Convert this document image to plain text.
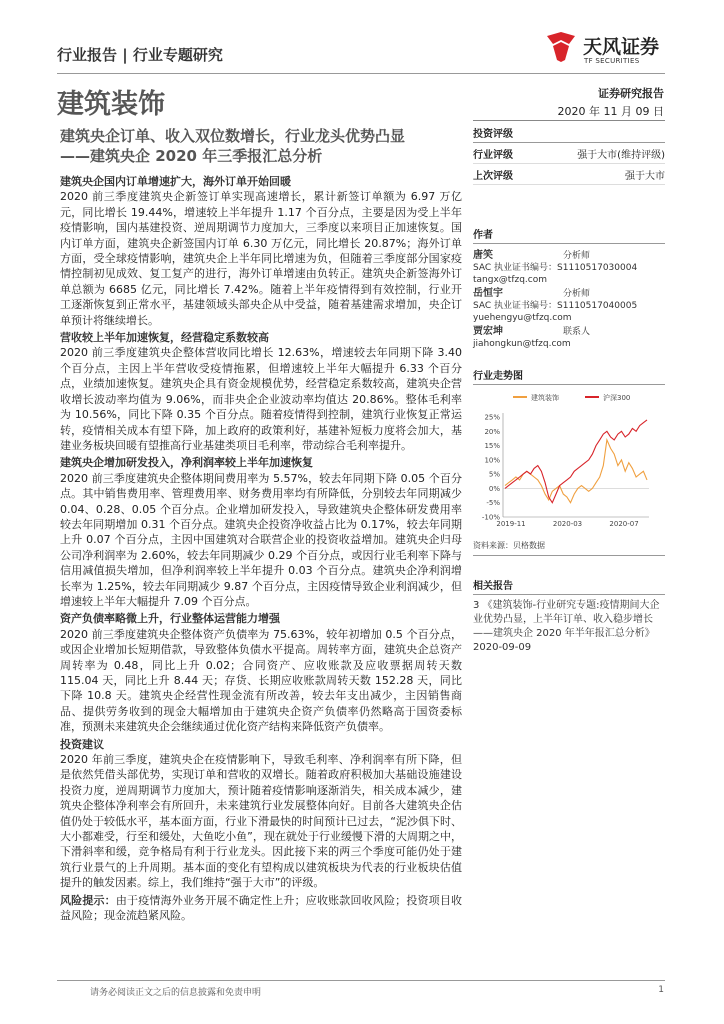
行业报告 | 行业专题研究	天风证券
TF SECURITIES
建筑装饰	证券研究报告
2020 年 11 月 09 日
建筑央企订单、收入双位数增长，行业龙头优势凸显
——建筑央企 2020 年三季报汇总分析
建筑央企国内订单增速扩大，海外订单开始回暖

2020 前三季度建筑央企新签订单实现高速增长，累计新签订单额为 6.97 万亿元，同比增长 19.44%，增速较上半年提升 1.17 个百分点，主要是因为受上半年疫情影响，国内基建投资、逆周期调节力度加大，三季度以来项目正加速恢复。国内订单方面，建筑央企新签国内订单 6.30 万亿元，同比增长 20.87%；海外订单方面，受全球疫情影响，建筑央企上半年同比增速为负，但随着三季度部分国家疫情控制初见成效、复工复产的进行，海外订单增速由负转正。建筑央企新签海外订单总额为 6685 亿元，同比增长 7.42%。随着上半年疫情得到有效控制，行业开工逐渐恢复到正常水平，基建领域头部央企从中受益，随着基建需求增加，央企订单预计将继续增长。

营收较上半年加速恢复，经营稳定系数较高

2020 前三季度建筑央企整体营收同比增长 12.63%，增速较去年同期下降 3.40 个百分点，主因上半年营收受疫情拖累，但增速较上半年大幅提升 6.33 个百分点，业绩加速恢复。建筑央企具有资金规模优势，经营稳定系数较高，建筑央企营收增长波动率均值为 9.06%，而非央企企业波动率均值达 20.86%。整体毛利率为 10.56%，同比下降 0.35 个百分点。随着疫情得到控制，建筑行业恢复正常运转，疫情相关成本有望下降，加上政府的政策利好，基建补短板力度将会加大，基建业务板块回暖有望推高行业基建类项目毛利率，带动综合毛利率提升。

建筑央企增加研发投入，净利润率较上半年加速恢复

2020 前三季度建筑央企整体期间费用率为 5.57%，较去年同期下降 0.05 个百分点。其中销售费用率、管理费用率、财务费用率均有所降低，分别较去年同期减少 0.04、0.28、0.05 个百分点。企业增加研发投入，导致建筑央企整体研发费用率较去年同期增加 0.31 个百分点。建筑央企投资净收益占比为 0.17%，较去年同期上升 0.07 个百分点，主因中国建筑对合联营企业的投资收益增加。建筑央企归母公司净利润率为 2.60%，较去年同期减少 0.29 个百分点，或因行业毛利率下降与信用减值损失增加，但净利润率较上半年提升 0.03 个百分点。建筑央企净利润增长率为 1.25%，较去年同期减少 9.87 个百分点，主因疫情导致企业利润减少，但增速较上半年大幅提升 7.09 个百分点。

资产负债率略微上升，行业整体运营能力增强

2020 前三季度建筑央企整体资产负债率为 75.63%，较年初增加 0.5 个百分点，或因企业增加长短期借款，导致整体负债水平提高。周转率方面，建筑央企总资产周转率为 0.48，同比上升 0.02；合同资产、应收账款及应收票据周转天数 115.04 天，同比上升 8.44 天；存货、长期应收账款周转天数 152.28 天，同比下降 10.8 天。建筑央企经营性现金流有所改善，较去年支出减少，主因销售商品、提供劳务收到的现金大幅增加由于建筑央企资产负债率仍然略高于国资委标准，预测未来建筑央企会继续通过优化资产结构来降低资产负债率。

投资建议

2020 年前三季度，建筑央企在疫情影响下，导致毛利率、净利润率有所下降，但是依然凭借头部优势，实现订单和营收的双增长。随着政府积极加大基础设施建设投资力度，逆周期调节力度加大，预计随着疫情影响逐渐消失，相关成本减少，建筑央企整体净利率会有所回升，未来建筑行业发展整体向好。目前各大建筑央企估值仍处于较低水平，基本面方面，行业下滑最快的时间预计已过去，“泥沙俱下时、大小都难受，行至和缓处，大鱼吃小鱼”，现在就处于行业缓慢下滑的大周期之中，下滑斜率和缓，竞争格局有利于行业龙头。因此接下来的两三个季度可能仍处于建筑行业景气的上升周期。基本面的变化有望构成以建筑板块为代表的行业板块估值提升的触发因素。综上，我们维持“强于大市”的评级。

风险提示：由于疫情海外业务开展不确定性上升；应收账款回收风险；投资项目收益风险；现金流趋紧风险。
投资评级
行业评级	强于大市(维持评级)
上次评级	强于大市
作者
唐笑	分析师
SAC 执业证书编号：S1110517030004
tangx@tfzq.com
岳恒宇	分析师
SAC 执业证书编号：S1110517040005
yuehengyu@tfzq.com
贾宏坤	联系人
jiahongkun@tfzq.com
行业走势图
建筑装饰	沪深300
-10%
-5%
0%
5%
10%
15%
20%
25%
2019-11	2020-03	2020-07
资料来源：贝格数据
相关报告
3 《建筑装饰-行业研究专题:疫情期间大企业优势凸显，上半年订单、收入稳步增长——建筑央企 2020 年半年报汇总分析》 2020-09-09
请务必阅读正文之后的信息披露和免责申明	1
